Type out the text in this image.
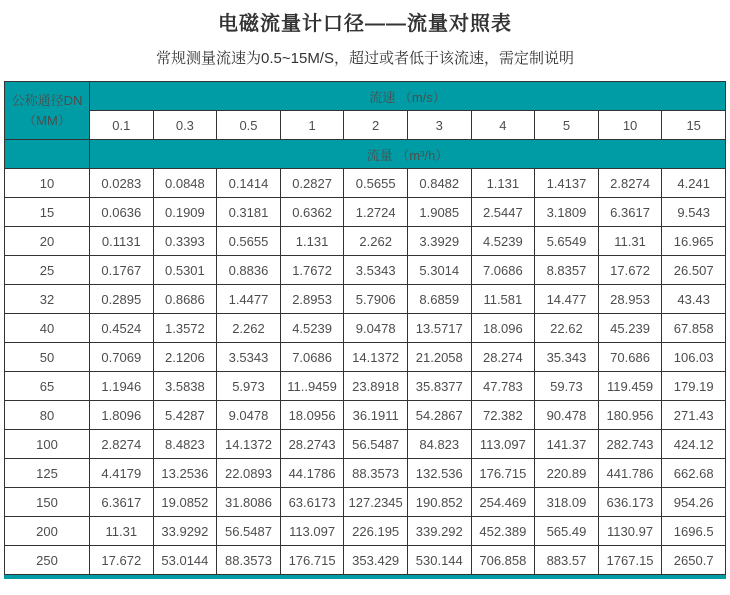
电磁流量计口径——流量对照表
常规测量流速为0.5~15M/S，超过或者低于该流速，需定制说明
公称通径DN
（MM）	流速 （m/s）									
	0.1	0.3	0.5	1	2	3	4	5	10	15
	流量 （m³/h）									
10	0.0283	0.0848	0.1414	0.2827	0.5655	0.8482	1.131	1.4137	2.8274	4.241
15	0.0636	0.1909	0.3181	0.6362	1.2724	1.9085	2.5447	3.1809	6.3617	9.543
20	0.1131	0.3393	0.5655	1.131	2.262	3.3929	4.5239	5.6549	11.31	16.965
25	0.1767	0.5301	0.8836	1.7672	3.5343	5.3014	7.0686	8.8357	17.672	26.507
32	0.2895	0.8686	1.4477	2.8953	5.7906	8.6859	11.581	14.477	28.953	43.43
40	0.4524	1.3572	2.262	4.5239	9.0478	13.5717	18.096	22.62	45.239	67.858
50	0.7069	2.1206	3.5343	7.0686	14.1372	21.2058	28.274	35.343	70.686	106.03
65	1.1946	3.5838	5.973	11..9459	23.8918	35.8377	47.783	59.73	119.459	179.19
80	1.8096	5.4287	9.0478	18.0956	36.1911	54.2867	72.382	90.478	180.956	271.43
100	2.8274	8.4823	14.1372	28.2743	56.5487	84.823	113.097	141.37	282.743	424.12
125	4.4179	13.2536	22.0893	44.1786	88.3573	132.536	176.715	220.89	441.786	662.68
150	6.3617	19.0852	31.8086	63.6173	127.2345	190.852	254.469	318.09	636.173	954.26
200	11.31	33.9292	56.5487	113.097	226.195	339.292	452.389	565.49	1130.97	1696.5
250	17.672	53.0144	88.3573	176.715	353.429	530.144	706.858	883.57	1767.15	2650.7
